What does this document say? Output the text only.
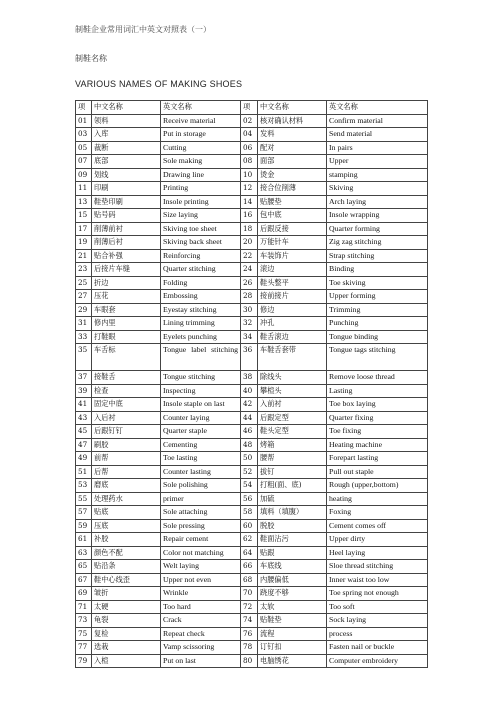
制鞋企业常用词汇中英文对照表（一）
制鞋名称
VARIOUS NAMES OF MAKING SHOES
项	中文名称	英文名称	项	中文名称	英文名称
01	领料	Receive material	02	核对确认材料	Confirm material
03	入库	Put in storage	04	发料	Send material
05	裁断	Cutting	06	配对	In pairs
07	底部	Sole making	08	面部	Upper
09	划线	Drawing line	10	烫金	stamping
11	印刷	Printing	12	接合位削薄	Skiving
13	鞋垫印刷	Insole printing	14	贴腰垫	Arch laying
15	贴号码	Size laying	16	包中底	Insole wrapping
17	削薄前衬	Skiving toe sheet	18	后跟反接	Quarter forming
19	削薄后衬	Skiving back sheet	20	万能针车	Zig zag stitching
21	贴合补强	Reinforcing	22	车装饰片	Strap stitching
23	后接片车缝	Quarter stitching	24	滚边	Binding
25	折边	Folding	26	鞋头整平	Toe skiving
27	压花	Embossing	28	接前接片	Upper forming
29	车眼套	Eyestay stitching	30	修边	Trimming
31	修内里	Lining trimming	32	冲孔	Punching
33	打鞋眼	Eyelets punching	34	鞋舌滚边	Tongue binding
35	车舌标	Tongue label stitching	36	车鞋舌套带	Tongue tags stitching
37	接鞋舌	Tongue stitching	38	除线头	Remove loose thread
39	检查	Inspecting	40	攀楦头	Lasting
41	固定中底	Insole staple on last	42	入前衬	Toe box laying
43	入后衬	Counter laying	44	后跟定型	Quarter fixing
45	后跟钉钉	Quarter staple	46	鞋头定型	Toe fixing
47	刷胶	Cementing	48	烤箱	Heating machine
49	前帮	Toe lasting	50	腰帮	Forepart lasting
51	后帮	Counter lasting	52	拔钉	Pull out staple
53	磨底	Sole polishing	54	打粗(面、底)	Rough (upper,bottom)
55	处理药水	primer	56	加硫	heating
57	贴底	Sole attaching	58	填料（填腹）	Foxing
59	压底	Sole pressing	60	脱胶	Cement comes off
61	补胶	Repair cement	62	鞋面沾污	Upper dirty
63	颜色不配	Color not matching	64	贴跟	Heel laying
65	贴沿条	Welt laying	66	车底线	Sloe thread stitching
67	鞋中心线歪	Upper not even	68	内腰偏低	Inner waist too low
69	皱折	Wrinkle	70	跷度不够	Toe spring not enough
71	太硬	Too hard	72	太软	Too soft
73	龟裂	Crack	74	贴鞋垫	Sock laying
75	复检	Repeat check	76	流程	process
77	选栽	Vamp scissoring	78	订钉扣	Fasten nail or buckle
79	入楦	Put on last	80	电脑绣花	Computer embroidery
